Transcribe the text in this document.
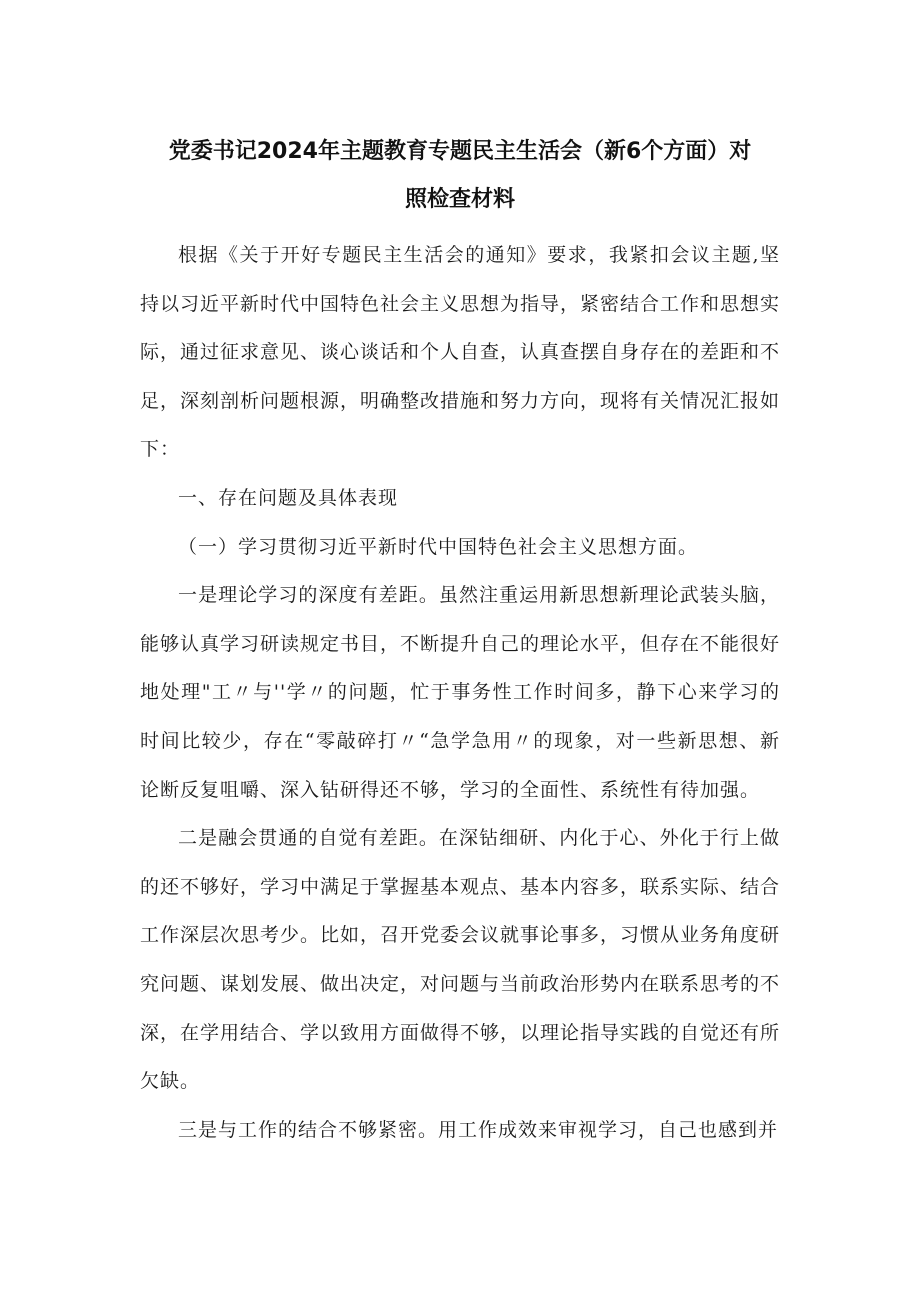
党委书记2024年主题教育专题民主生活会（新6个方面）对
照检查材料

根据《关于开好专题民主生活会的通知》要求，我紧扣会议主题,坚持以习近平新时代中国特色社会主义思想为指导，紧密结合工作和思想实际，通过征求意见、谈心谈话和个人自查，认真查摆自身存在的差距和不足，深刻剖析问题根源，明确整改措施和努力方向，现将有关情况汇报如下：

一、存在问题及具体表现

（一）学习贯彻习近平新时代中国特色社会主义思想方面。

一是理论学习的深度有差距。虽然注重运用新思想新理论武装头脑，能够认真学习研读规定书目，不断提升自己的理论水平，但存在不能很好地处理"工〃与''学〃的问题，忙于事务性工作时间多，静下心来学习的时间比较少，存在“零敲碎打〃“急学急用〃的现象，对一些新思想、新论断反复咀嚼、深入钻研得还不够，学习的全面性、系统性有待加强。

二是融会贯通的自觉有差距。在深钻细研、内化于心、外化于行上做的还不够好，学习中满足于掌握基本观点、基本内容多，联系实际、结合工作深层次思考少。比如，召开党委会议就事论事多，习惯从业务角度研究问题、谋划发展、做出决定，对问题与当前政治形势内在联系思考的不深，在学用结合、学以致用方面做得不够，以理论指导实践的自觉还有所欠缺。

三是与工作的结合不够紧密。用工作成效来审视学习，自己也感到并
